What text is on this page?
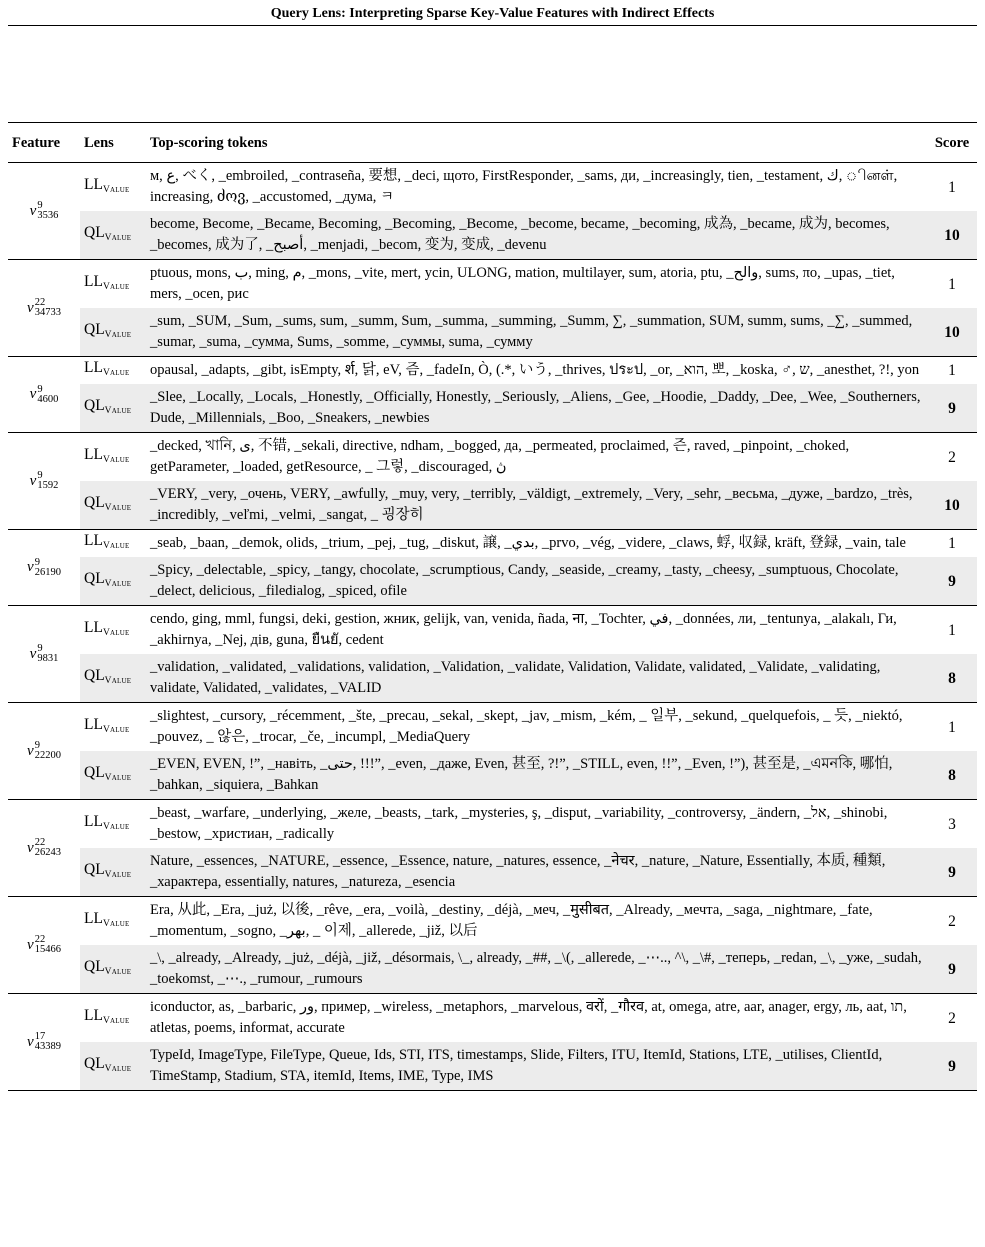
Query Lens: Interpreting Sparse Key-Value Features with Indirect Effects
Feature	Lens	Top-scoring tokens	Score
v 9
3536	LLValue	м, ع, べく, _embroiled, _contraseña, 要想, _deci, щото, FirstResponder, _sams, ди, _increasingly, tien, _testament, ك, ினள், increasing, ძოვ, _accustomed, _дума, ㅋ	1
	QLValue	become, Become, _Became, Becoming, _Becoming, _Become, _become, became, _becoming, 成為, _became, 成为, becomes, _becomes, 成为了, _أصبح, _menjadi, _becom, 变为, 变成, _devenu	10
v 22
34733	LLValue	ptuous, mons, ب, ming, م, _mons, _vite, mert, ycin, ULONG, mation, multilayer, sum, atoria, ptu, _والح, sums, πο, _upas, _tiet, mers, _ocen, рис	1
	QLValue	_sum, _SUM, _Sum, _sums, sum, _summ, Sum, _summa, _summing, _Summ, ∑, _summation, SUM, summ, sums, _∑, _summed, _sumar, _suma, _сумма, Sums, _somme, _суммы, suma, _сумму	10
v 9
4600	LLValue	opausal, _adapts, _gibt, isEmpty, र्श, 닭, eV, 즘, _fadeIn, Ò, (.*, いう, _thrives, ประป, _or, _הוא, 뽀, _koska, ♂, ש, _anesthet, ?!, yon	1
	QLValue	_Slee, _Locally, _Locals, _Honestly, _Officially, Honestly, _Seriously, _Aliens, _Gee, _Hoodie, _Daddy, _Dee, _Wee, _Southerners, Dude, _Millennials, _Boo, _Sneakers, _newbies	9
v 9
1592	LLValue	_decked, খানি, ی, 不错, _sekali, directive, ndham, _bogged, да, _permeated, proclaimed, 즌, raved, _pinpoint, _choked, getParameter, _loaded, getResource, _ 그렇, _discouraged, ڽ	2
	QLValue	_VERY, _very, _очень, VERY, _awfully, _muy, very, _terribly, _väldigt, _extremely, _Very, _sehr, _весьма, _дуже, _bardzo, _très, _incredibly, _veľmi, _velmi, _sangat, _ 굉장히	10
v 9
26190	LLValue	_seab, _baan, _demok, olids, _trium, _pej, _tug, _diskut, 譲, _بدي, _prvo, _vég, _videre, _claws, 蜉, 収録, kräft, 登録, _vain, tale	1
	QLValue	_Spicy, _delectable, _spicy, _tangy, chocolate, _scrumptious, Candy, _seaside, _creamy, _tasty, _cheesy, _sumptuous, Chocolate, _delect, delicious, _filedialog, _spiced, ofile	9
v 9
9831	LLValue	cendo, ging, mml, fungsi, deki, gestion, жник, gelijk, van, venida, ñada, ना, _Tochter, في, _données, ли, _tentunya, _alakalı, Ги, _akhirnya, _Nej, дів, guna, ยืนยั, cedent	1
	QLValue	_validation, _validated, _validations, validation, _Validation, _validate, Validation, Validate, validated, _Validate, _validating, validate, Validated, _validates, _VALID	8
v 9
22200	LLValue	_slightest, _cursory, _récemment, _šte, _precau, _sekal, _skept, _jav, _mism, _kém, _ 일부, _sekund, _quelquefois, _ 듯, _niektó, _pouvez, _ 않은, _trocar, _če, _incumpl, _MediaQuery	1
	QLValue	_EVEN, EVEN, !”, _навіть, _حتى, !!!”, _even, _даже, Even, 甚至, ?!”, _STILL, even, !!”, _Even, !”), 甚至是, _এমনকি, 哪怕, _bahkan, _siquiera, _Bahkan	8
v 22
26243	LLValue	_beast, _warfare, _underlying, _желе, _beasts, _tark, _mysteries, ş, _disput, _variability, _controversy, _ändern, _אל, _shinobi, _bestow, _христиан, _radically	3
	QLValue	Nature, _essences, _NATURE, _essence, _Essence, nature, _natures, essence, _नेचर, _nature, _Nature, Essentially, 本质, 種類, _характера, essentially, natures, _natureza, _esencia	9
v 22
15466	LLValue	Era, 从此, _Era, _już, 以後, _rêve, _era, _voilà, _destiny, _déjà, _меч, _मुसीबत, _Already, _мечта, _saga, _nightmare, _fate, _momentum, _sogno, _بهر, _ 이제, _allerede, _již, 以后	2
	QLValue	_\, _already, _Already, _już, _déjà, _již, _désormais, \_, already, _##, _\(, _allerede, _⋯.., ^\, _\#, _теперь, _redan, _\, _уже, _sudah, _toekomst, _⋯., _rumour, _rumours	9
v 17
43389	LLValue	iconductor, as, _barbaric, ور, пример, _wireless, _metaphors, _marvelous, वरों, _गौरव, at, omega, atre, aar, anager, ergy, ль, aat, תו, atletas, poems, informat, accurate	2
	QLValue	TypeId, ImageType, FileType, Queue, Ids, STI, ITS, timestamps, Slide, Filters, ITU, ItemId, Stations, LTE, _utilises, ClientId, TimeStamp, Stadium, STA, itemId, Items, IME, Type, IMS	9
